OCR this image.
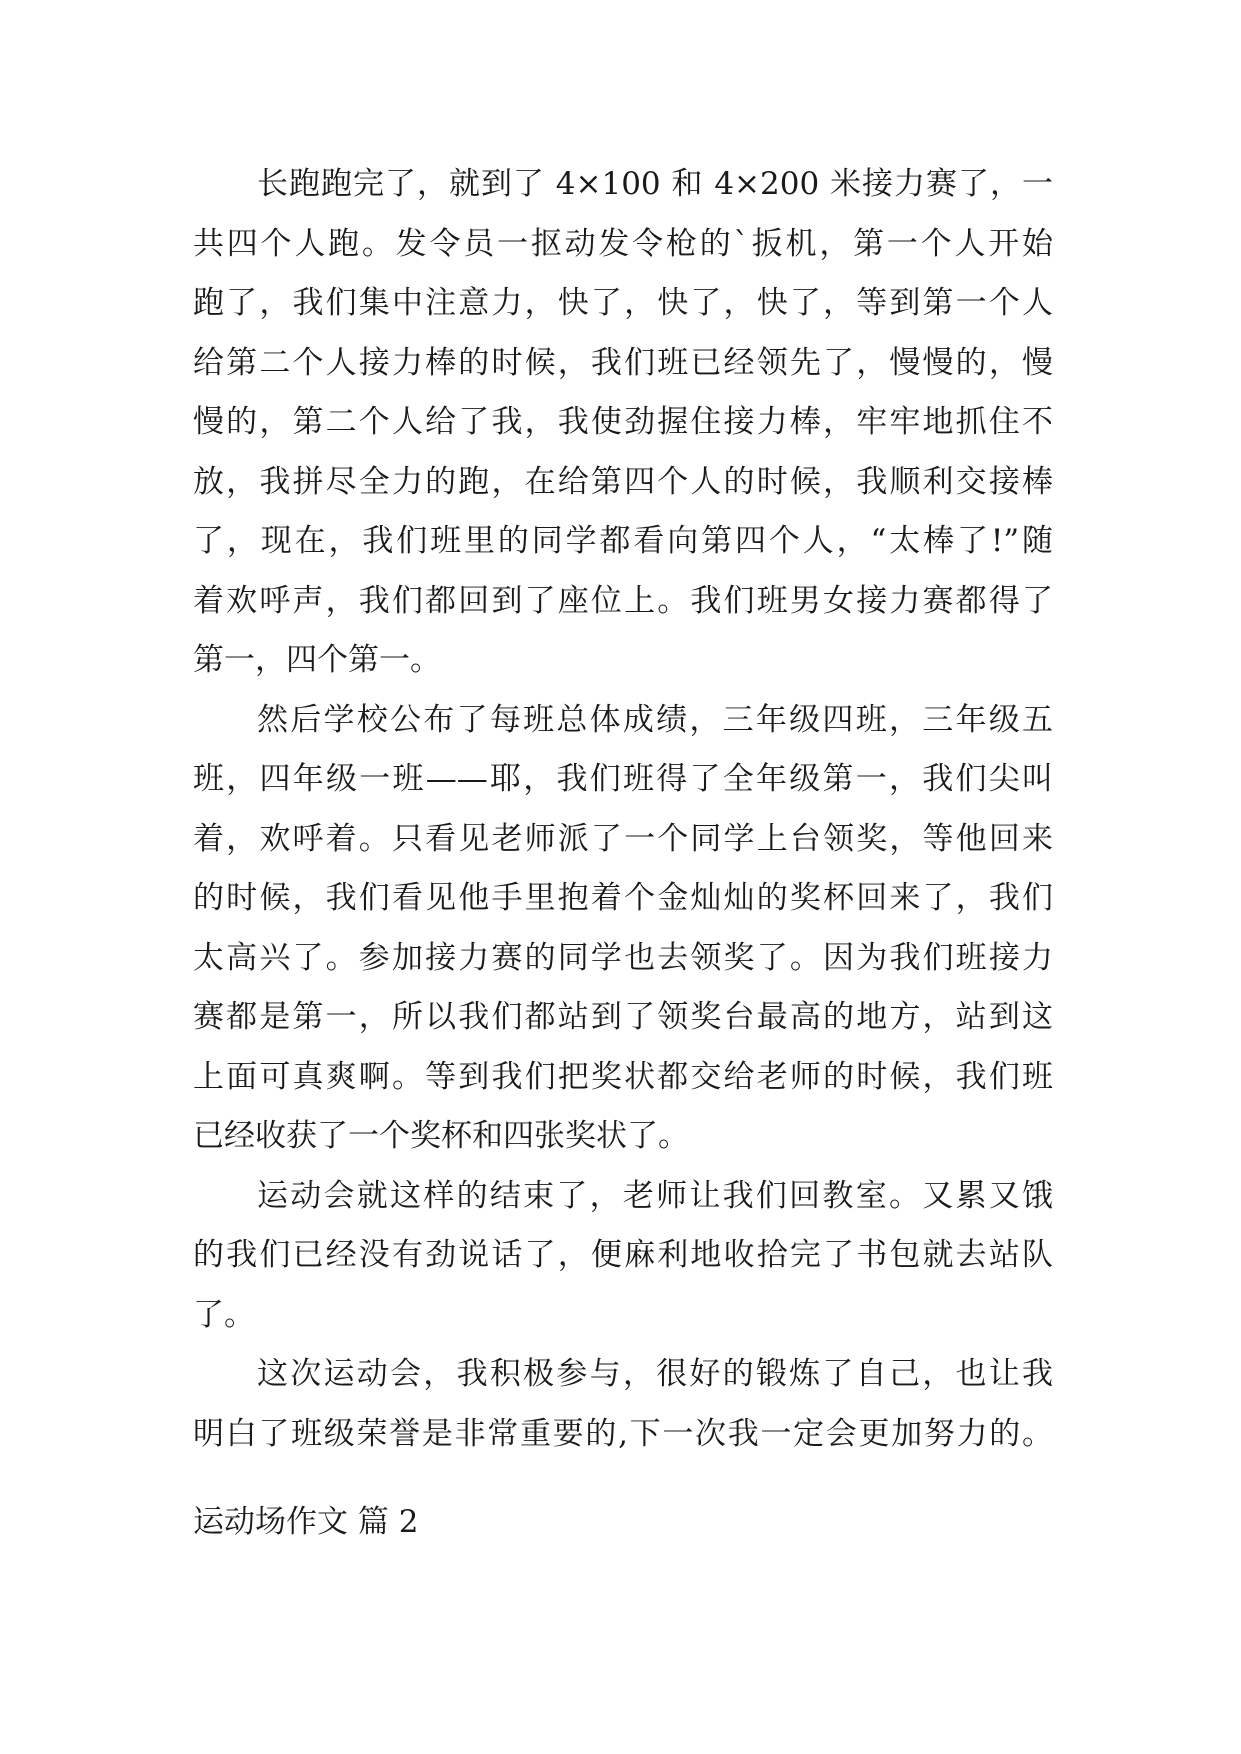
长跑跑完了，就到了 4×100 和 4×200 米接力赛了，一
共四个人跑。发令员一抠动发令枪的`扳机，第一个人开始
跑了，我们集中注意力，快了，快了，快了，等到第一个人
给第二个人接力棒的时候，我们班已经领先了，慢慢的，慢
慢的，第二个人给了我，我使劲握住接力棒，牢牢地抓住不
放，我拼尽全力的跑，在给第四个人的时候，我顺利交接棒
了，现在，我们班里的同学都看向第四个人，“太棒了!”随
着欢呼声，我们都回到了座位上。我们班男女接力赛都得了
第一，四个第一。
然后学校公布了每班总体成绩，三年级四班，三年级五
班，四年级一班——耶，我们班得了全年级第一，我们尖叫
着，欢呼着。只看见老师派了一个同学上台领奖，等他回来
的时候，我们看见他手里抱着个金灿灿的奖杯回来了，我们
太高兴了。参加接力赛的同学也去领奖了。因为我们班接力
赛都是第一，所以我们都站到了领奖台最高的地方，站到这
上面可真爽啊。等到我们把奖状都交给老师的时候，我们班
已经收获了一个奖杯和四张奖状了。
运动会就这样的结束了，老师让我们回教室。又累又饿
的我们已经没有劲说话了，便麻利地收拾完了书包就去站队
了。
这次运动会，我积极参与，很好的锻炼了自己，也让我
明白了班级荣誉是非常重要的,下一次我一定会更加努力的。
运动场作文 篇 2
